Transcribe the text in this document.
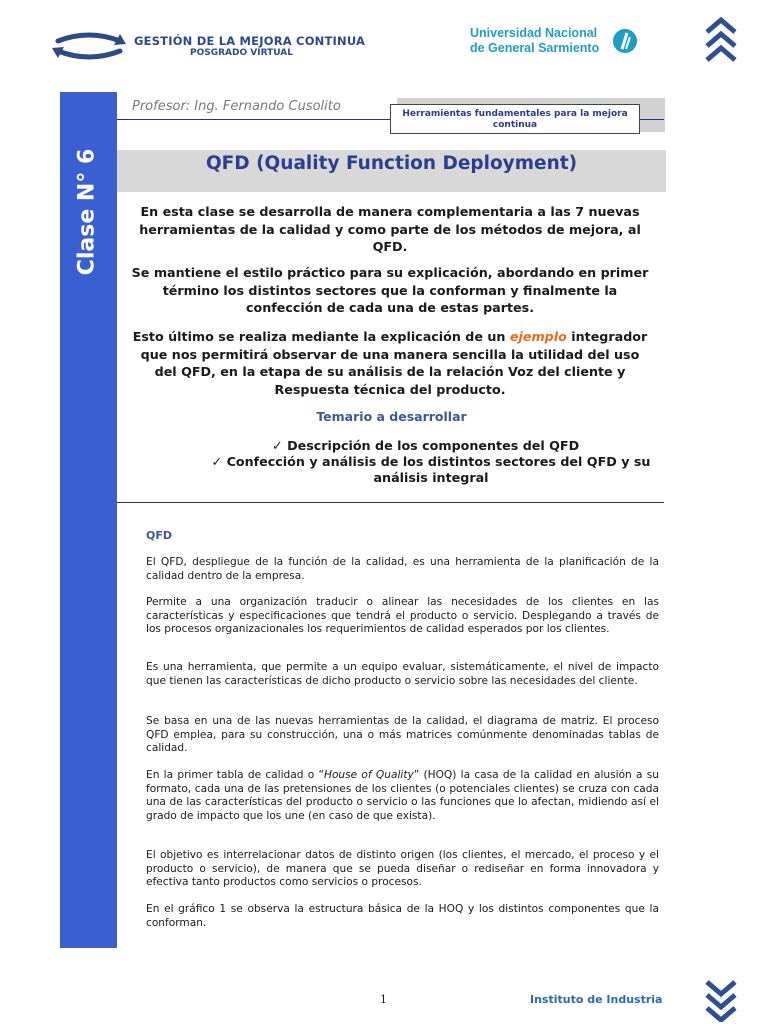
GESTIÓN DE LA MEJORA CONTINUA
POSGRADO VIRTUAL
Universidad Nacional
de General Sarmiento
Clase N° 6
Profesor: Ing. Fernando Cusolito	Herramientas fundamentales para la mejora continua
QFD (Quality Function Deployment)
En esta clase se desarrolla de manera complementaria a las 7 nuevas herramientas de la calidad y como parte de los métodos de mejora, al QFD.
Se mantiene el estilo práctico para su explicación, abordando en primer término los distintos sectores que la conforman y finalmente la confección de cada una de estas partes.
Esto último se realiza mediante la explicación de un ejemplo integrador que nos permitirá observar de una manera sencilla la utilidad del uso del QFD, en la etapa de su análisis de la relación Voz del cliente y Respuesta técnica del producto.
Temario a desarrollar
✓ Descripción de los componentes del QFD
✓ Confección y análisis de los distintos sectores del QFD y su análisis integral
QFD
El QFD, despliegue de la función de la calidad, es una herramienta de la planificación de la calidad dentro de la empresa.
Permite a una organización traducir o alinear las necesidades de los clientes en las características y especificaciones que tendrá el producto o servicio. Desplegando a través de los procesos organizacionales los requerimientos de calidad esperados por los clientes.
Es una herramienta, que permite a un equipo evaluar, sistemáticamente, el nivel de impacto que tienen las características de dicho producto o servicio sobre las necesidades del cliente.
Se basa en una de las nuevas herramientas de la calidad, el diagrama de matriz. El proceso QFD emplea, para su construcción, una o más matrices comúnmente denominadas tablas de calidad.
En la primer tabla de calidad o “House of Quality” (HOQ) la casa de la calidad en alusión a su formato, cada una de las pretensiones de los clientes (o potenciales clientes) se cruza con cada una de las características del producto o servicio o las funciones que lo afectan, midiendo así el grado de impacto que los une (en caso de que exista).
El objetivo es interrelacionar datos de distinto origen (los clientes, el mercado, el proceso y el producto o servicio), de manera que se pueda diseñar o rediseñar en forma innovadora y efectiva tanto productos como servicios o procesos.
En el gráfico 1 se observa la estructura básica de la HOQ y los distintos componentes que la conforman.
1	Instituto de Industria
